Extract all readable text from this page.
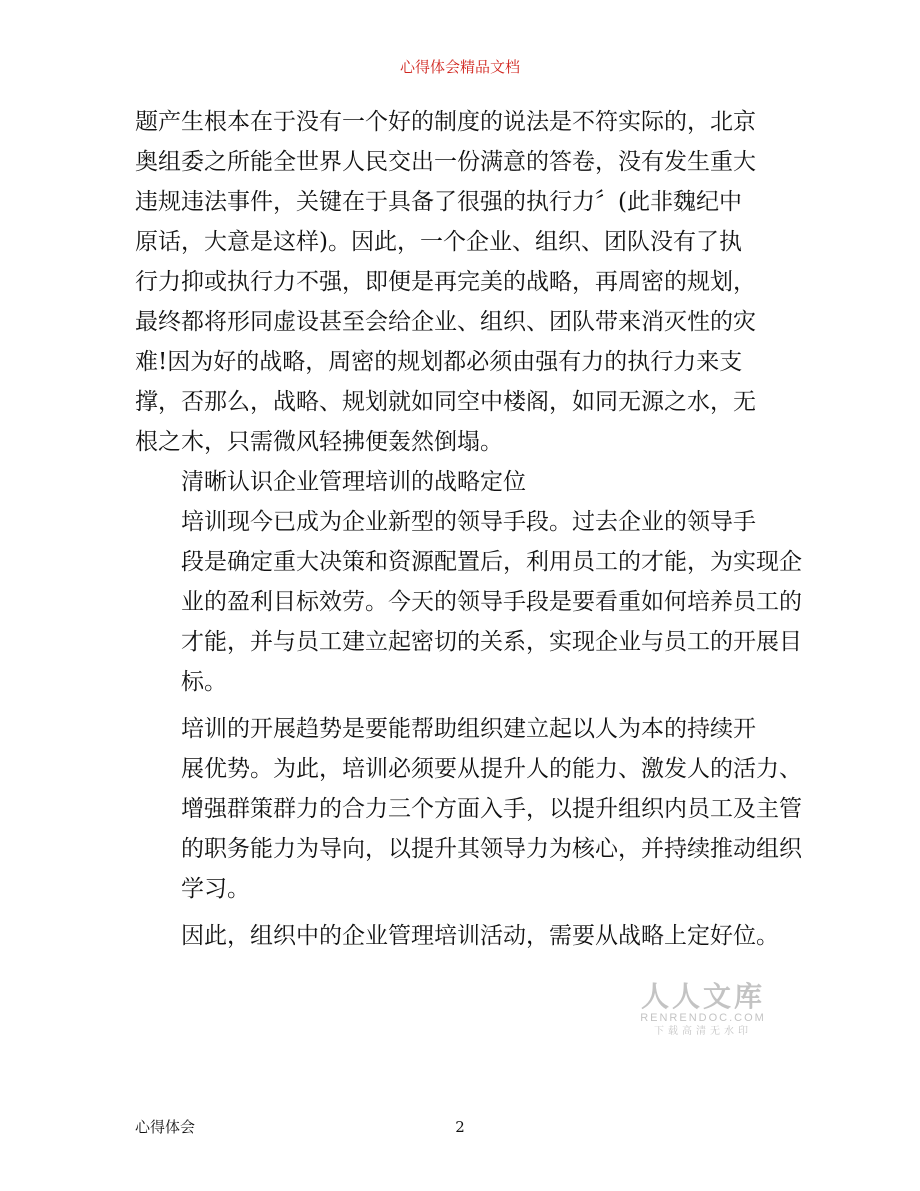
心得体会精品文档
题产生根本在于没有一个好的制度的说法是不符实际的，北京
奥组委之所能全世界人民交出一份满意的答卷，没有发生重大
违规违法事件，关键在于具备了很强的执行力〞(此非魏纪中
原话，大意是这样)。因此，一个企业、组织、团队没有了执
行力抑或执行力不强，即便是再完美的战略，再周密的规划，
最终都将形同虚设甚至会给企业、组织、团队带来消灭性的灾
难!因为好的战略，周密的规划都必须由强有力的执行力来支
撑，否那么，战略、规划就如同空中楼阁，如同无源之水，无
根之木，只需微风轻拂便轰然倒塌。
清晰认识企业管理培训的战略定位
培训现今已成为企业新型的领导手段。过去企业的领导手
段是确定重大决策和资源配置后，利用员工的才能，为实现企
业的盈利目标效劳。今天的领导手段是要看重如何培养员工的
才能，并与员工建立起密切的关系，实现企业与员工的开展目
标。
培训的开展趋势是要能帮助组织建立起以人为本的持续开
展优势。为此，培训必须要从提升人的能力、激发人的活力、
增强群策群力的合力三个方面入手，以提升组织内员工及主管
的职务能力为导向，以提升其领导力为核心，并持续推动组织
学习。
因此，组织中的企业管理培训活动，需要从战略上定好位。
人人文库
RENRENDOC.COM
下载高清无水印
心得体会	2
